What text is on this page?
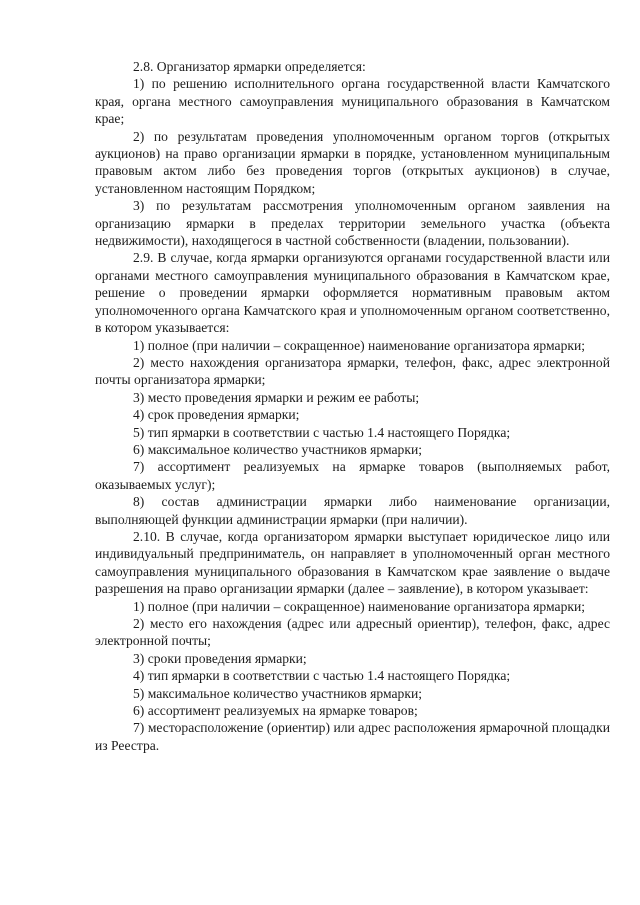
2.8. Организатор ярмарки определяется:

1) по решению исполнительного органа государственной власти Камчатского края, органа местного самоуправления муниципального образования в Камчатском крае;

2) по результатам проведения уполномоченным органом торгов (открытых аукционов) на право организации ярмарки в порядке, установленном муниципальным правовым актом либо без проведения торгов (открытых аукционов) в случае, установленном настоящим Порядком;

3) по результатам рассмотрения уполномоченным органом заявления на организацию ярмарки в пределах территории земельного участка (объекта недвижимости), находящегося в частной собственности (владении, пользовании).

2.9. В случае, когда ярмарки организуются органами государственной власти или органами местного самоуправления муниципального образования в Камчатском крае, решение о проведении ярмарки оформляется нормативным правовым актом уполномоченного органа Камчатского края и уполномоченным органом соответственно, в котором указывается:

1) полное (при наличии – сокращенное) наименование организатора ярмарки;

2) место нахождения организатора ярмарки, телефон, факс, адрес электронной почты организатора ярмарки;

3) место проведения ярмарки и режим ее работы;

4) срок проведения ярмарки;

5) тип ярмарки в соответствии с частью 1.4 настоящего Порядка;

6) максимальное количество участников ярмарки;

7) ассортимент реализуемых на ярмарке товаров (выполняемых работ, оказываемых услуг);

8) состав администрации ярмарки либо наименование организации, выполняющей функции администрации ярмарки (при наличии).

2.10. В случае, когда организатором ярмарки выступает юридическое лицо или индивидуальный предприниматель, он направляет в уполномоченный орган местного самоуправления муниципального образования в Камчатском крае заявление о выдаче разрешения на право организации ярмарки (далее – заявление), в котором указывает:

1) полное (при наличии – сокращенное) наименование организатора ярмарки;

2) место его нахождения (адрес или адресный ориентир), телефон, факс, адрес электронной почты;

3) сроки проведения ярмарки;

4) тип ярмарки в соответствии с частью 1.4 настоящего Порядка;

5) максимальное количество участников ярмарки;

6) ассортимент реализуемых на ярмарке товаров;

7) месторасположение (ориентир) или адрес расположения ярмарочной площадки из Реестра.
